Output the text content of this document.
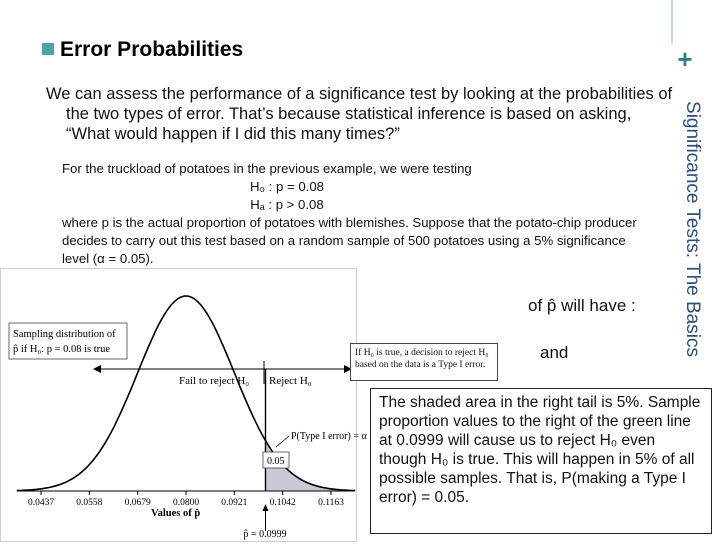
+
Significance Tests: The Basics
Error Probabilities
We can assess the performance of a significance test by looking at the probabilities of the two types of error. That’s because statistical inference is based on asking, “What would happen if I did this many times?”
For the truckload of potatoes in the previous example, we were testing
H₀ : p = 0.08
Hₐ : p > 0.08
where p is the actual proportion of potatoes with blemishes. Suppose that the potato-chip producer decides to carry out this test based on a random sample of 500 potatoes using a 5% significance level (α = 0.05).
of p̂ will have :
and
Fail to reject H₀ Reject H₀
Sampling distribution of
p̂ if H₀: p = 0.08 is true
P(Type I error) = α
0.05
0.0437 0.0558 0.0679 0.0800 0.0921 0.1042 0.1163
Values of p̂
p̂ = 0.0999
If H₀ is true, a decision to reject H₀ based on the data is a Type I error.
The shaded area in the right tail is 5%. Sample proportion values to the right of the green line at 0.0999 will cause us to reject H₀ even though H₀ is true. This will happen in 5% of all possible samples. That is, P(making a Type I error) = 0.05.
